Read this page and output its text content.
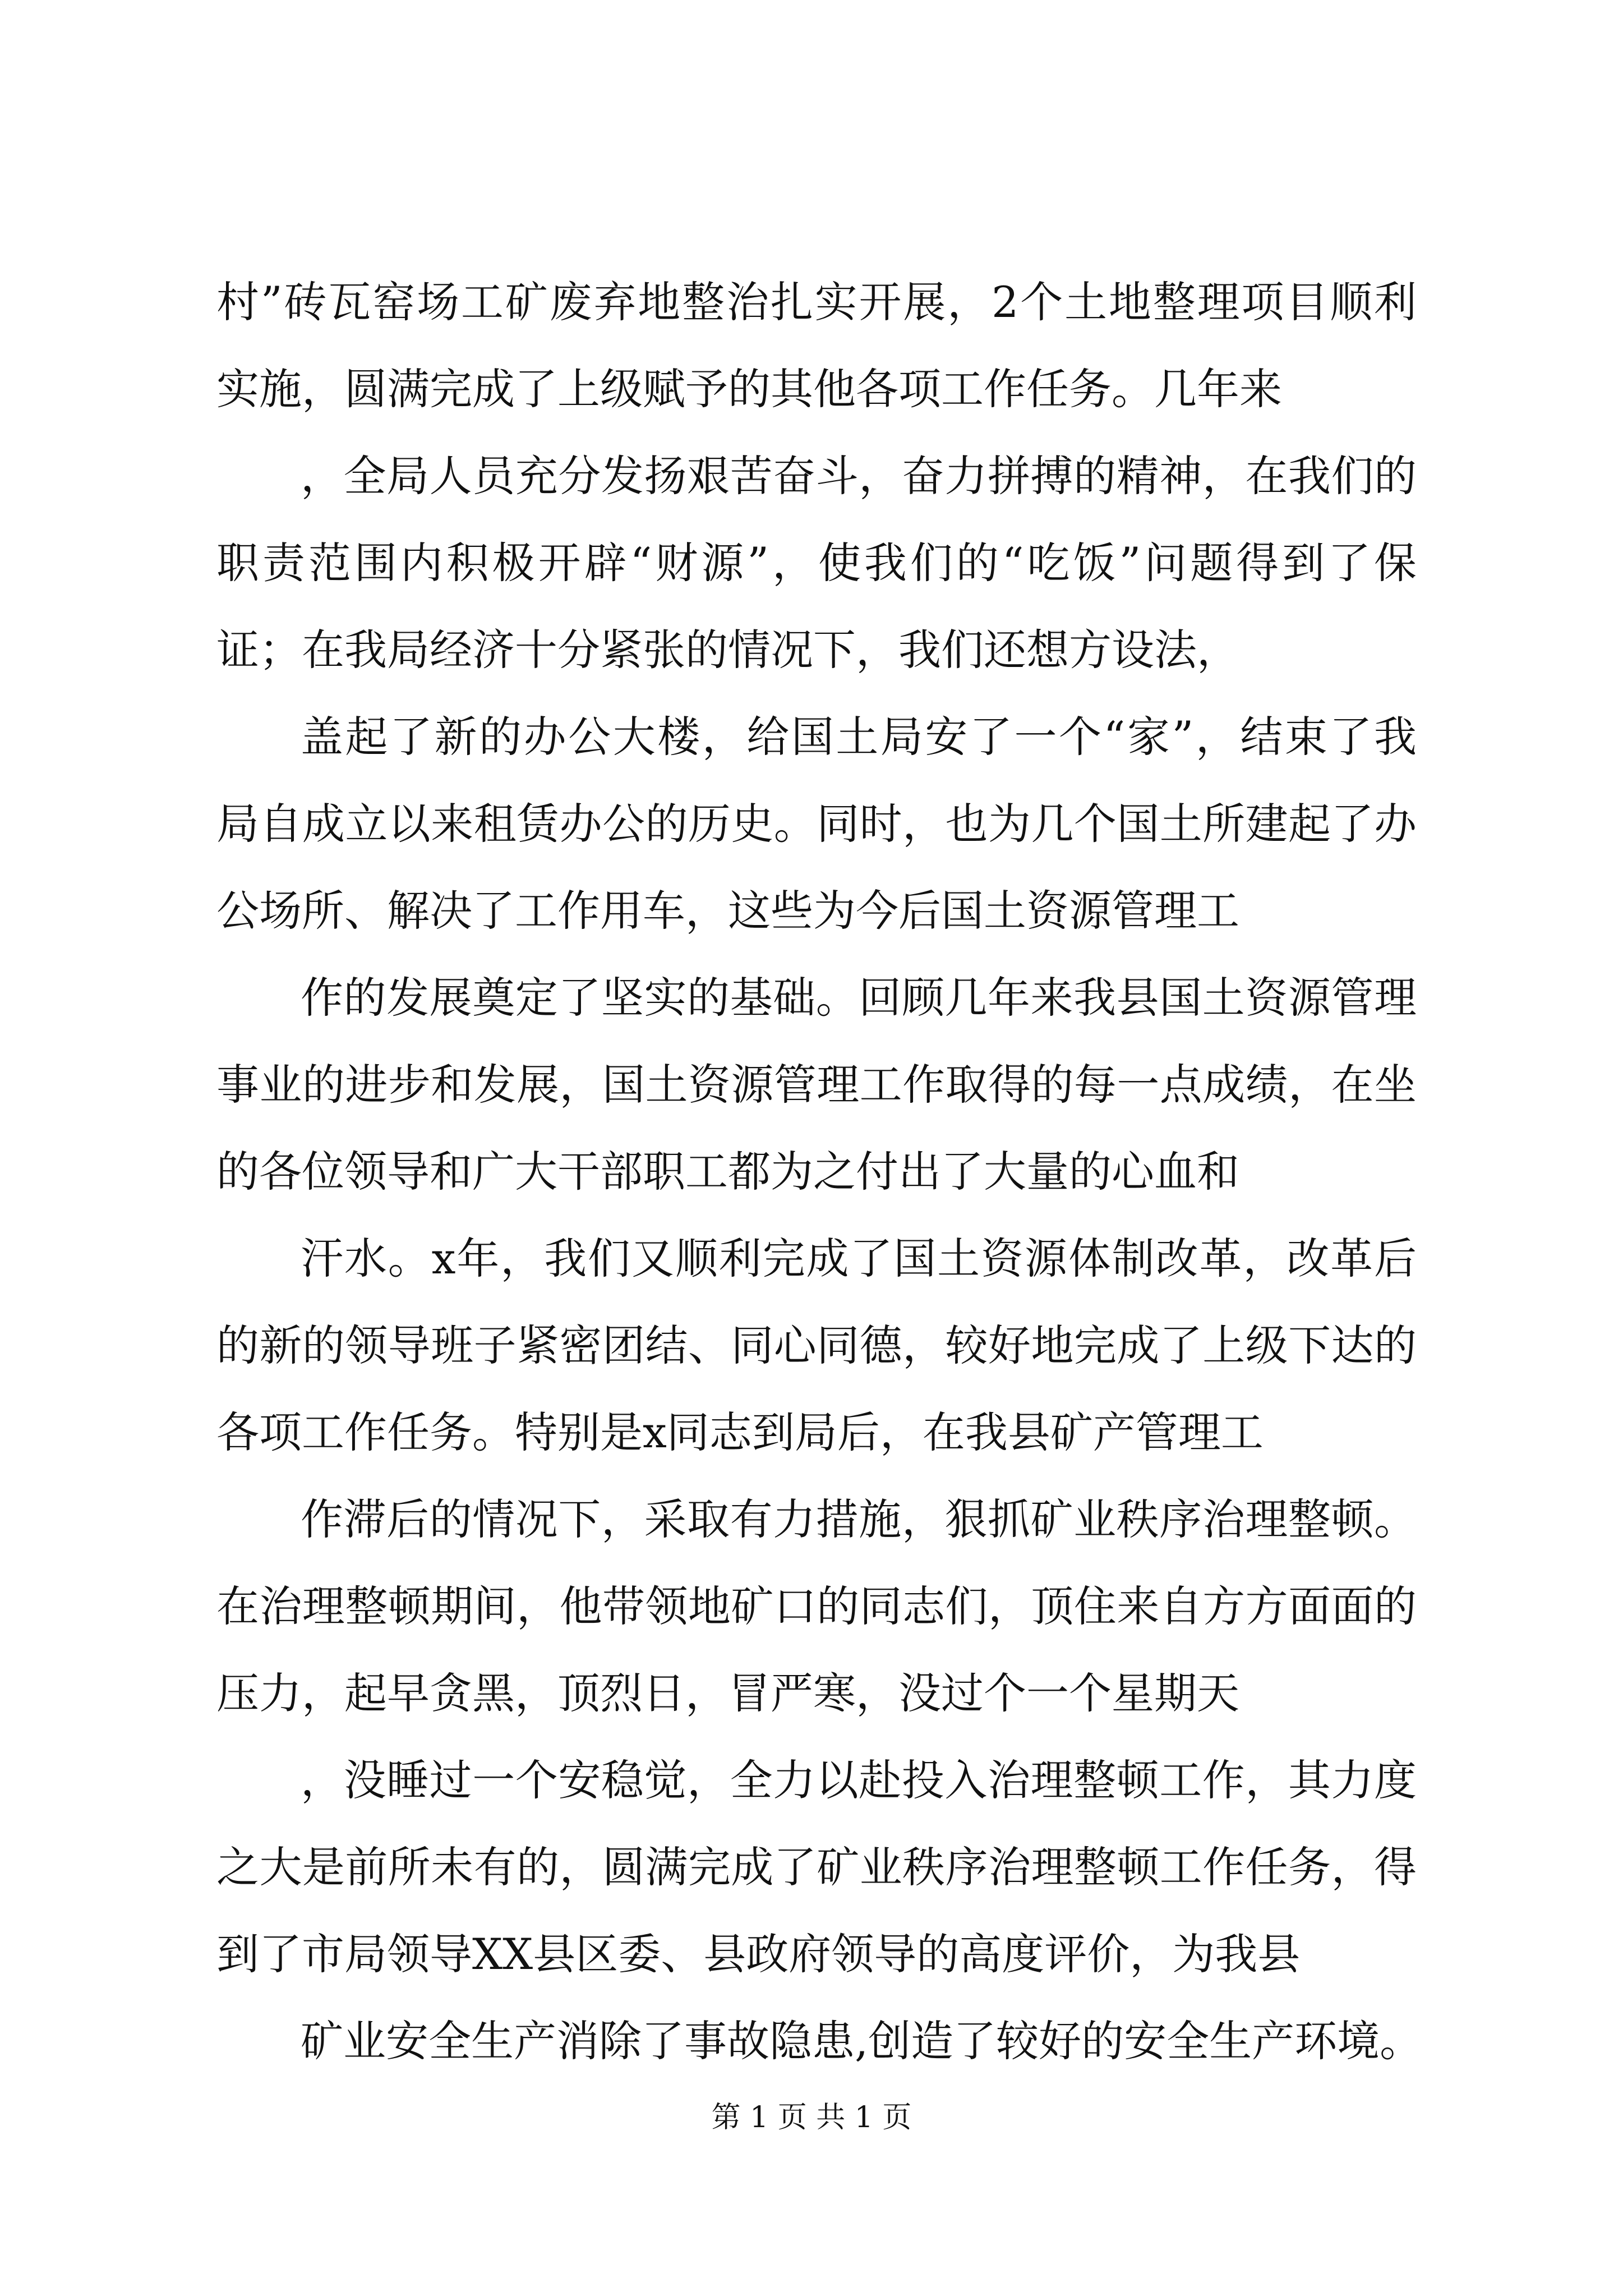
村”砖瓦窑场工矿废弃地整治扎实开展，2个土地整理项目顺利
实施，圆满完成了上级赋予的其他各项工作任务。几年来
，全局人员充分发扬艰苦奋斗，奋力拼搏的精神，在我们的
职责范围内积极开辟“财源”，使我们的“吃饭”问题得到了保
证；在我局经济十分紧张的情况下，我们还想方设法，
盖起了新的办公大楼，给国土局安了一个“家”，结束了我
局自成立以来租赁办公的历史。同时，也为几个国土所建起了办
公场所、解决了工作用车，这些为今后国土资源管理工
作的发展奠定了坚实的基础。回顾几年来我县国土资源管理
事业的进步和发展，国土资源管理工作取得的每一点成绩，在坐
的各位领导和广大干部职工都为之付出了大量的心血和
汗水。x年，我们又顺利完成了国土资源体制改革，改革后
的新的领导班子紧密团结、同心同德，较好地完成了上级下达的
各项工作任务。特别是x同志到局后，在我县矿产管理工
作滞后的情况下，采取有力措施，狠抓矿业秩序治理整顿。
在治理整顿期间，他带领地矿口的同志们，顶住来自方方面面的
压力，起早贪黑，顶烈日，冒严寒，没过个一个星期天
，没睡过一个安稳觉，全力以赴投入治理整顿工作，其力度
之大是前所未有的，圆满完成了矿业秩序治理整顿工作任务，得
到了市局领导XX县区委、县政府领导的高度评价，为我县
矿业安全生产消除了事故隐患,创造了较好的安全生产环境。
第 1 页 共 1 页
